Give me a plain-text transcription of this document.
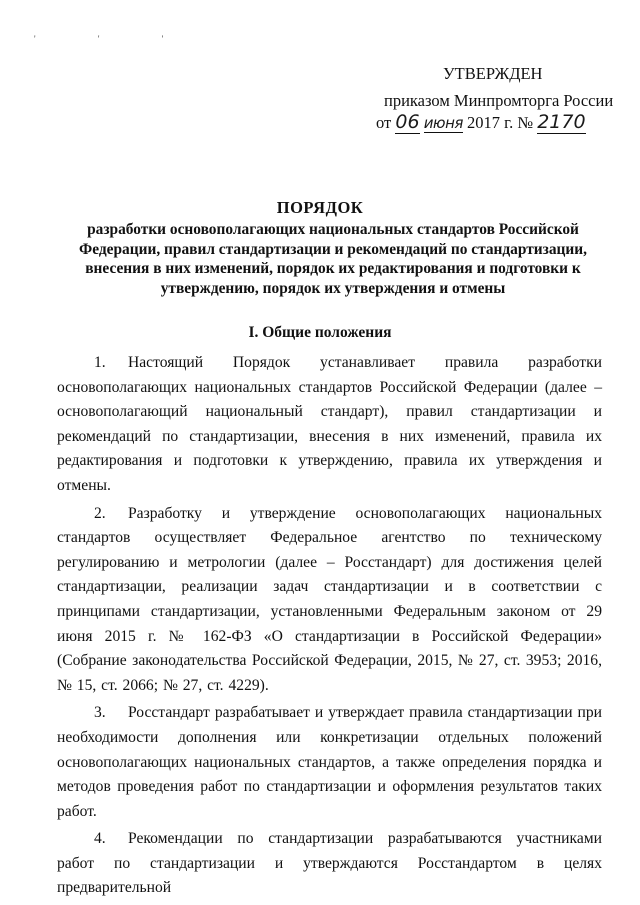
' ' '
УТВЕРЖДЕН
приказом Минпромторга России
от 06 июня 2017 г. № 2170
ПОРЯДОК
разработки основополагающих национальных стандартов Российской Федерации, правил стандартизации и рекомендаций по стандартизации, внесения в них изменений, порядок их редактирования и подготовки к утверждению, порядок их утверждения и отмены
I. Общие положения

1. Настоящий Порядок устанавливает правила разработки основополагающих национальных стандартов Российской Федерации (далее – основополагающий национальный стандарт), правил стандартизации и рекомендаций по стандартизации, внесения в них изменений, правила их редактирования и подготовки к утверждению, правила их утверждения и отмены.

2. Разработку и утверждение основополагающих национальных стандартов осуществляет Федеральное агентство по техническому регулированию и метрологии (далее – Росстандарт) для достижения целей стандартизации, реализации задач стандартизации и в соответствии с принципами стандартизации, установленными Федеральным законом от 29 июня 2015 г. № 162-ФЗ «О стандартизации в Российской Федерации» (Собрание законодательства Российской Федерации, 2015, № 27, ст. 3953; 2016, № 15, ст. 2066; № 27, ст. 4229).

3. Росстандарт разрабатывает и утверждает правила стандартизации при необходимости дополнения или конкретизации отдельных положений основополагающих национальных стандартов, а также определения порядка и методов проведения работ по стандартизации и оформления результатов таких работ.

4. Рекомендации по стандартизации разрабатываются участниками работ по стандартизации и утверждаются Росстандартом в целях предварительной
